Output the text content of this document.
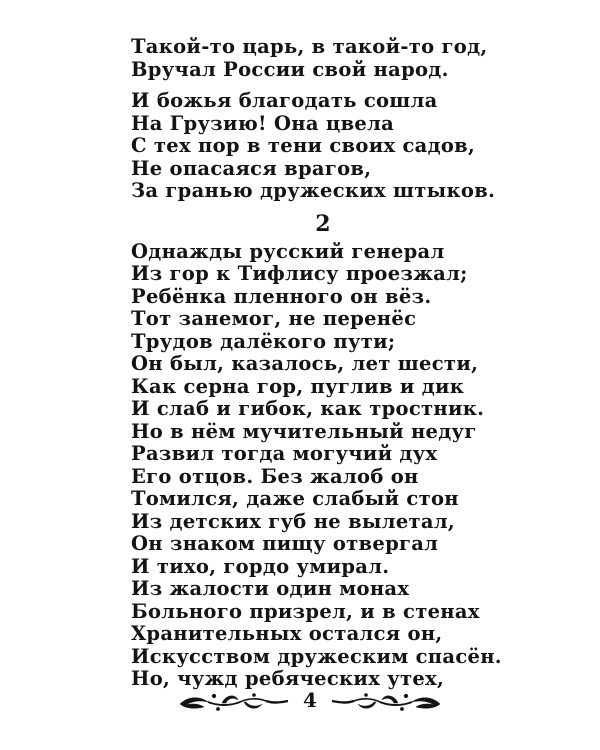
Такой-то царь, в такой-то год,
Вручал России свой народ.
И божья благодать сошла
На Грузию! Она цвела
С тех пор в тени своих садов,
Не опасаяся врагов,
За гранью дружеских штыков.
2
Однажды русский генерал
Из гор к Тифлису проезжал;
Ребёнка пленного он вёз.
Тот занемог, не перенёс
Трудов далёкого пути;
Он был, казалось, лет шести,
Как серна гор, пуглив и дик
И слаб и гибок, как тростник.
Но в нём мучительный недуг
Развил тогда могучий дух
Его отцов. Без жалоб он
Томился, даже слабый стон
Из детских губ не вылетал,
Он знаком пищу отвергал
И тихо, гордо умирал.
Из жалости один монах
Больного призрел, и в стенах
Хранительных остался он,
Искусством дружеским спасён.
Но, чужд ребяческих утех,
4
